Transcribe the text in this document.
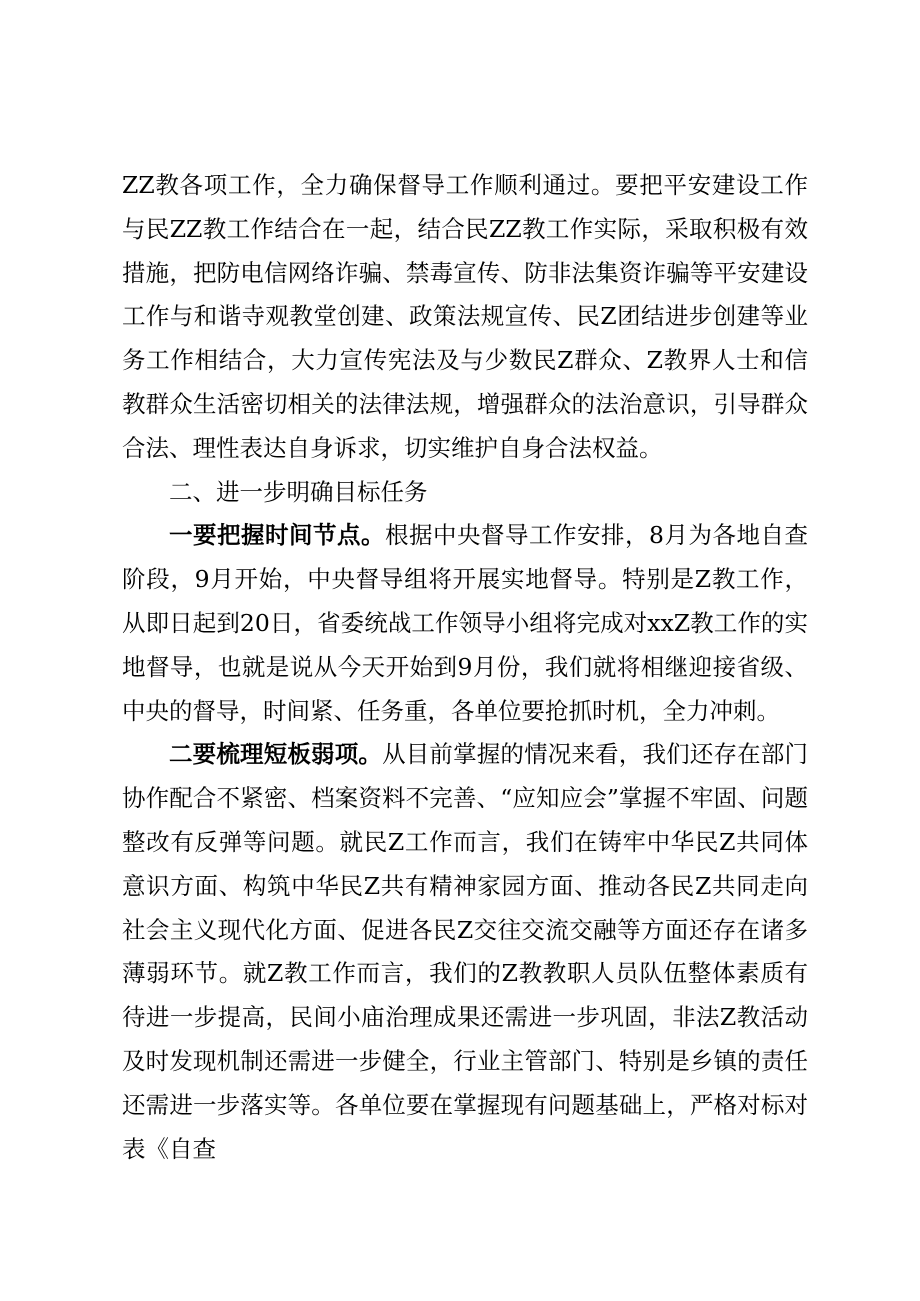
ZZ教各项工作，全力确保督导工作顺利通过。要把平安建设工作与民ZZ教工作结合在一起，结合民ZZ教工作实际，采取积极有效措施，把防电信网络诈骗、禁毒宣传、防非法集资诈骗等平安建设工作与和谐寺观教堂创建、政策法规宣传、民Z团结进步创建等业务工作相结合，大力宣传宪法及与少数民Z群众、Z教界人士和信教群众生活密切相关的法律法规，增强群众的法治意识，引导群众合法、理性表达自身诉求，切实维护自身合法权益。

二、进一步明确目标任务

一要把握时间节点。根据中央督导工作安排，8月为各地自查阶段，9月开始，中央督导组将开展实地督导。特别是Z教工作，从即日起到20日，省委统战工作领导小组将完成对xxZ教工作的实地督导，也就是说从今天开始到9月份，我们就将相继迎接省级、中央的督导，时间紧、任务重，各单位要抢抓时机，全力冲刺。

二要梳理短板弱项。从目前掌握的情况来看，我们还存在部门协作配合不紧密、档案资料不完善、“应知应会”掌握不牢固、问题整改有反弹等问题。就民Z工作而言，我们在铸牢中华民Z共同体意识方面、构筑中华民Z共有精神家园方面、推动各民Z共同走向社会主义现代化方面、促进各民Z交往交流交融等方面还存在诸多薄弱环节。就Z教工作而言，我们的Z教教职人员队伍整体素质有待进一步提高，民间小庙治理成果还需进一步巩固，非法Z教活动及时发现机制还需进一步健全，行业主管部门、特别是乡镇的责任还需进一步落实等。各单位要在掌握现有问题基础上，严格对标对表《自查
